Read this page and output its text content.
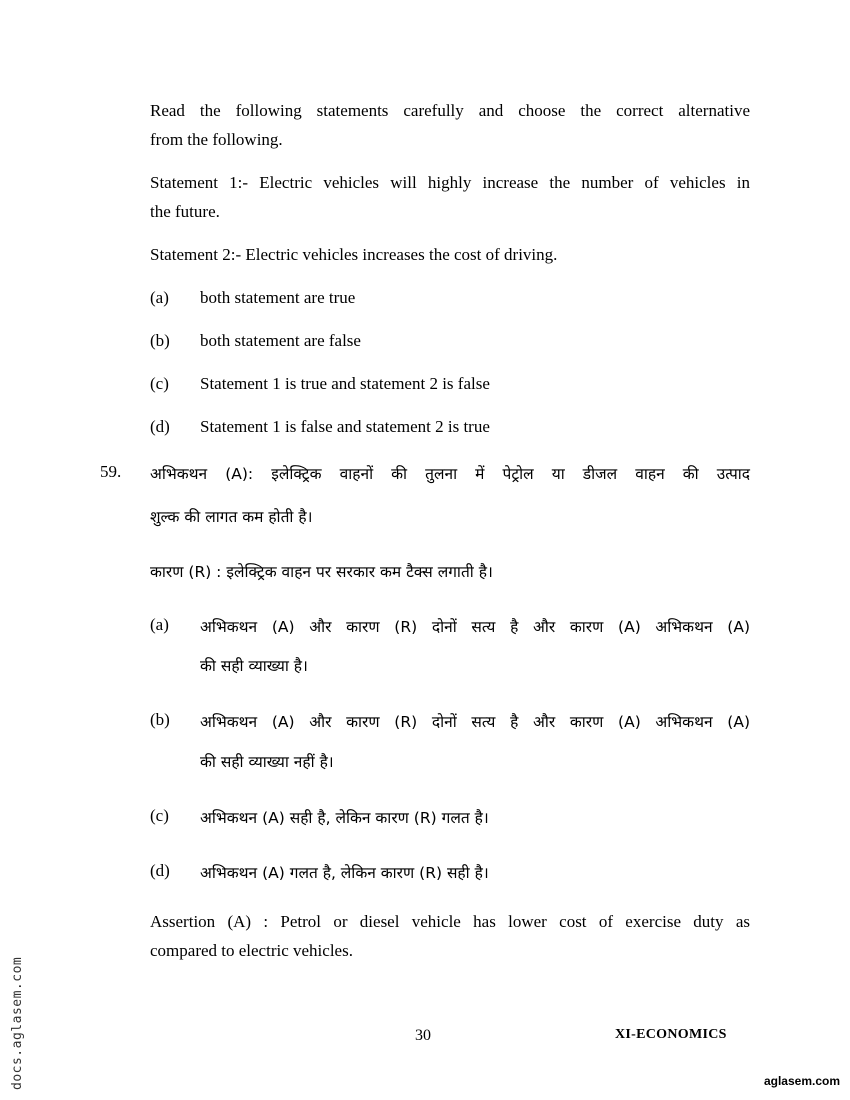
Read the following statements carefully and choose the correct alternative
from the following.
Statement 1:- Electric vehicles will highly increase the number of vehicles in
the future.
Statement 2:- Electric vehicles increases the cost of driving.
(a) both statement are true
(b) both statement are false
(c) Statement 1 is true and statement 2 is false
(d) Statement 1 is false and statement 2 is true
59. अभिकथन (A): इलेक्ट्रिक वाहनों की तुलना में पेट्रोल या डीजल वाहन की उत्पाद
शुल्क की लागत कम होती है।
कारण (R) : इलेक्ट्रिक वाहन पर सरकार कम टैक्स लगाती है।
(a) अभिकथन (A) और कारण (R) दोनों सत्य है और कारण (A) अभिकथन (A)
की सही व्याख्या है।
(b) अभिकथन (A) और कारण (R) दोनों सत्य है और कारण (A) अभिकथन (A)
की सही व्याख्या नहीं है।
(c) अभिकथन (A) सही है, लेकिन कारण (R) गलत है।
(d) अभिकथन (A) गलत है, लेकिन कारण (R) सही है।
Assertion (A) : Petrol or diesel vehicle has lower cost of exercise duty as
compared to electric vehicles.
30	XI-ECONOMICS
docs.aglasem.com	aglasem.com
